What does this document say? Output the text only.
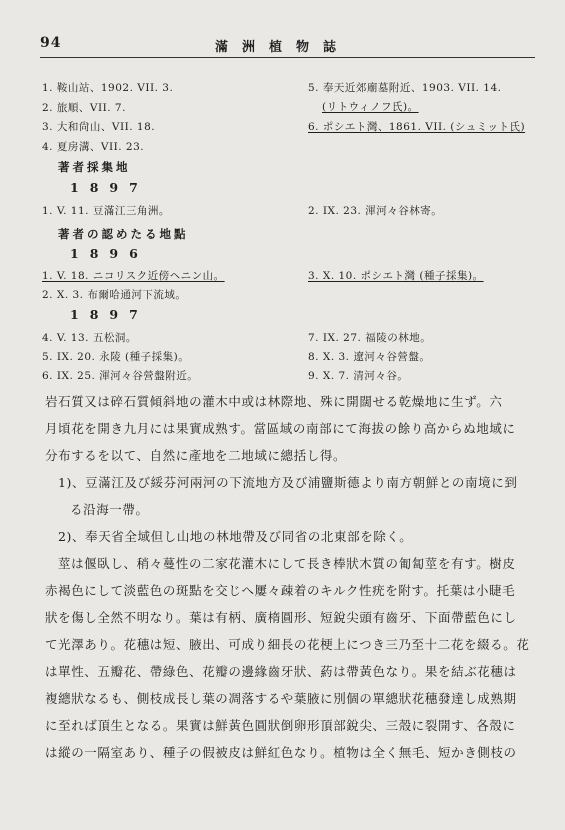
94	滿洲植物誌
1. 鞍山站、1902. VII. 3.
2. 旅順、VII. 7.
3. 大和尙山、VII. 18.
4. 夏房溝、VII. 23.
5. 奉天近郊廟墓附近、1903. VII. 14.
(リトウィノフ氏)。
6. ポシエト灣、1861. VII. (シュミット氏)
著者採集地
1897
1. V. 11. 豆滿江三角洲。	2. IX. 23. 渾河々谷林寄。
著者の認めたる地點
1896
1. V. 18. ニコリスク近傍ヘニン山。
2. X. 3. 布爾哈通河下流域。
3. X. 10. ポシエト灣 (種子採集)。
1897
4. V. 13. 五松洞。
5. IX. 20. 永陵 (種子採集)。
6. IX. 25. 渾河々谷營盤附近。
7. IX. 27. 福陵の林地。
8. X. 3. 遼河々谷營盤。
9. X. 7. 清河々谷。
岩石質又は碎石質傾斜地の灌木中或は林際地、殊に開闊せる乾燥地に生ず。六
月頃花を開き九月には果實成熟す。當區域の南部にて海拔の餘り高からぬ地域に
分布するを以て、自然に產地を二地域に總括し得。
1)、豆滿江及び綏芬河兩河の下流地方及び浦鹽斯德より南方朝鮮との南境に到
る沿海一帶。
2)、奉天省全域但し山地の林地帶及び同省の北東部を除く。
莖は偃臥し、稍々蔓性の二家花灌木にして長き棒狀木質の匍匐莖を有す。樹皮
赤褐色にして淡藍色の斑點を交じへ屢々疎着のキルク性疣を附す。托葉は小睫毛
狀を傷し全然不明なり。葉は有柄、廣楕圓形、短銳尖頭有齒牙、下面帶藍色にし
て光澤あり。花穗は短、腋出、可成り細長の花梗上につき三乃至十二花を綴る。花
は單性、五瓣花、帶綠色、花瓣の邊緣齒牙狀、葯は帶黃色なり。果を結ぶ花穗は
複總狀なるも、側枝成長し葉の凋落するや葉腋に別個の單總狀花穗發達し成熟期
に至れば頂生となる。果實は鮮黃色圓狀倒卵形頂部銳尖、三殼に裂開す、各殼に
は縱の一隔室あり、種子の假被皮は鮮紅色なり。植物は全く無毛、短かき側枝の
